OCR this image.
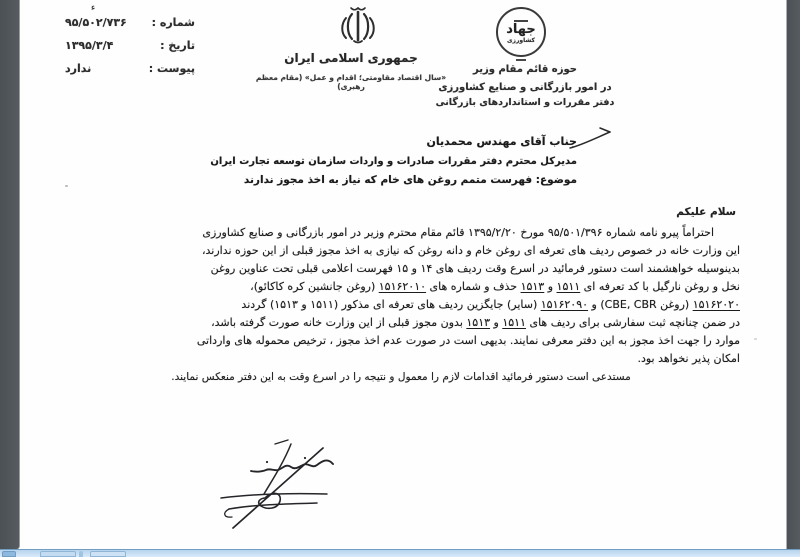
ء
شماره :
۹۵/۵۰۲/۷۳۶
تاریخ :
۱۳۹۵/۳/۴
پیوست :
ندارد
جمهوری اسلامی ایران
«سال اقتصاد مقاومتی؛ اقدام و عمل» (مقام معظم رهبری)
جهاد
کشاورزی
حوزه قائم مقام وزیر
در امور بازرگانی و صنایع کشاورزی
دفتر مقررات و استانداردهای بازرگانی
جناب آقای مهندس محمدیان
مدیرکل محترم دفتر مقررات صادرات و واردات سازمان توسعه تجارت ایران
موضوع: فهرست متمم روغن های خام که نیاز به اخذ مجوز ندارند
سلام علیکم
احتراماً پیرو نامه شماره ۹۵/۵۰۱/۳۹۶ مورخ ۱۳۹۵/۲/۲۰ قائم مقام محترم وزیر در امور بازرگانی و صنایع کشاورزی
این وزارت خانه در خصوص ردیف های تعرفه ای روغن خام و دانه روغن که نیازی به اخذ مجوز قبلی از این حوزه ندارند،
بدینوسیله خواهشمند است دستور فرمائید در اسرع وقت ردیف های ۱۴ و ۱۵ فهرست اعلامی قبلی تحت عناوین روغن
نخل و روغن نارگیل با کد تعرفه ای ۱۵۱۱ و ۱۵۱۳ حذف و شماره های ۱۵۱۶۲۰۱۰ (روغن جانشین کره کاکائو)،
۱۵۱۶۲۰۲۰ (روغن CBE, CBR) و ۱۵۱۶۲۰۹۰ (سایر) جایگزین ردیف های تعرفه ای مذکور (۱۵۱۱ و ۱۵۱۳) گردند
در ضمن چنانچه ثبت سفارشی برای ردیف های ۱۵۱۱ و ۱۵۱۳ بدون مجوز قبلی از این وزارت خانه صورت گرفته باشد،
موارد را جهت اخذ مجوز به این دفتر معرفی نمایند. بدیهی است در صورت عدم اخذ مجوز ، ترخیص محموله های وارداتی
امکان پذیر نخواهد بود.
مستدعی است دستور فرمائید اقدامات لازم را معمول و نتیجه را در اسرع وقت به این دفتر منعکس نمایند.
